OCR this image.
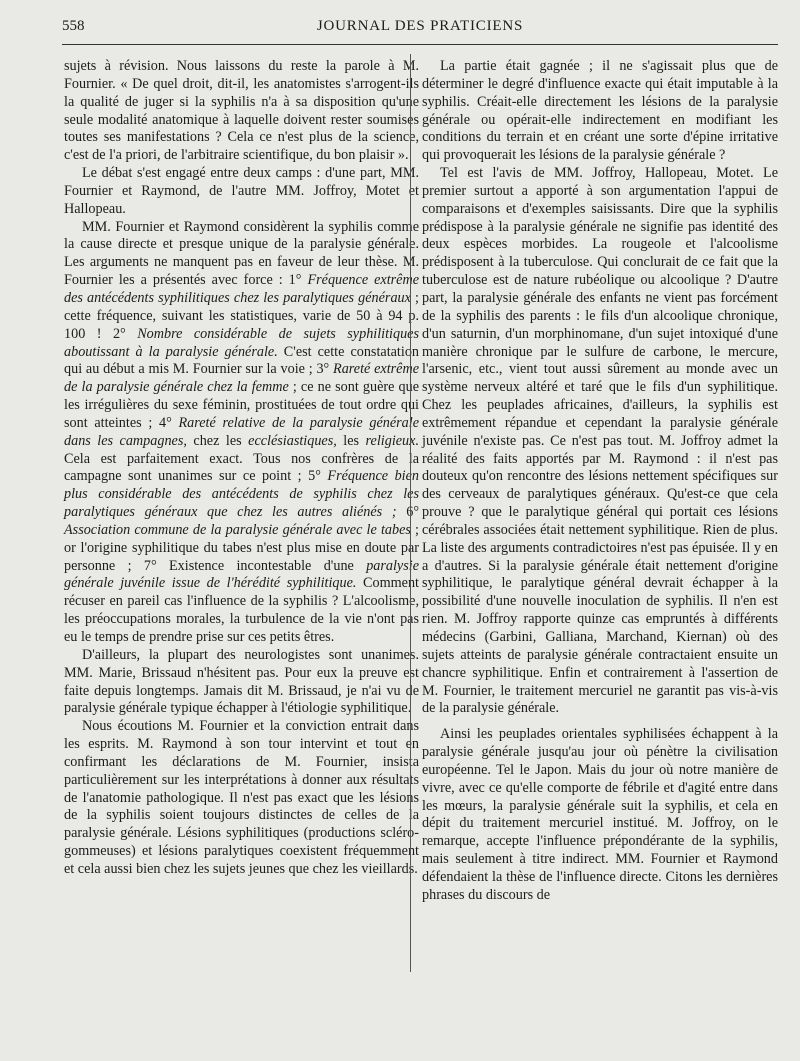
558	JOURNAL DES PRATICIENS

sujets à révision. Nous laissons du reste la parole à M. Fournier. « De quel droit, dit-il, les anatomistes s'arrogent-ils la qualité de juger si la syphilis n'a à sa disposition qu'une seule modalité anatomique à laquelle doivent rester soumises toutes ses manifestations ? Cela ce n'est plus de la science, c'est de l'a priori, de l'arbitraire scientifique, du bon plaisir ».

Le débat s'est engagé entre deux camps : d'une part, MM. Fournier et Raymond, de l'autre MM. Joffroy, Motet et Hallopeau.

MM. Fournier et Raymond considèrent la syphilis comme la cause directe et presque unique de la paralysie générale. Les arguments ne manquent pas en faveur de leur thèse. M. Fournier les a présentés avec force : 1° Fréquence extrême des antécédents syphilitiques chez les paralytiques généraux ; cette fréquence, suivant les statistiques, varie de 50 à 94 p. 100 ! 2° Nombre considérable de sujets syphilitiques aboutissant à la paralysie générale. C'est cette constatation qui au début a mis M. Fournier sur la voie ; 3° Rareté extrême de la paralysie générale chez la femme ; ce ne sont guère que les irrégulières du sexe féminin, prostituées de tout ordre qui sont atteintes ; 4° Rareté relative de la paralysie générale dans les campagnes, chez les ecclésiastiques, les religieux. Cela est parfaitement exact. Tous nos confrères de la campagne sont unanimes sur ce point ; 5° Fréquence bien plus considérable des antécédents de syphilis chez les paralytiques généraux que chez les autres aliénés ; 6° Association commune de la paralysie générale avec le tabes ; or l'origine syphilitique du tabes n'est plus mise en doute par personne ; 7° Existence incontestable d'une paralysie générale juvénile issue de l'hérédité syphilitique. Comment récuser en pareil cas l'influence de la syphilis ? L'alcoolisme, les préoccupations morales, la turbulence de la vie n'ont pas eu le temps de prendre prise sur ces petits êtres.

D'ailleurs, la plupart des neurologistes sont unanimes. MM. Marie, Brissaud n'hésitent pas. Pour eux la preuve est faite depuis longtemps. Jamais dit M. Brissaud, je n'ai vu de paralysie générale typique échapper à l'étiologie syphilitique.

Nous écoutions M. Fournier et la conviction entrait dans les esprits. M. Raymond à son tour intervint et tout en confirmant les déclarations de M. Fournier, insista particulièrement sur les interprétations à donner aux résultats de l'anatomie pathologique. Il n'est pas exact que les lésions de la syphilis soient toujours distinctes de celles de la paralysie générale. Lésions syphilitiques (productions scléro-gommeuses) et lésions paralytiques coexistent fréquemment et cela aussi bien chez les sujets jeunes que chez les vieillards.

La partie était gagnée ; il ne s'agissait plus que de déterminer le degré d'influence exacte qui était imputable à la syphilis. Créait-elle directement les lésions de la paralysie générale ou opérait-elle indirectement en modifiant les conditions du terrain et en créant une sorte d'épine irritative qui provoquerait les lésions de la paralysie générale ?

Tel est l'avis de MM. Joffroy, Hallopeau, Motet. Le premier surtout a apporté à son argumentation l'appui de comparaisons et d'exemples saisissants. Dire que la syphilis prédispose à la paralysie générale ne signifie pas identité des deux espèces morbides. La rougeole et l'alcoolisme prédisposent à la tuberculose. Qui conclurait de ce fait que la tuberculose est de nature rubéolique ou alcoolique ? D'autre part, la paralysie générale des enfants ne vient pas forcément de la syphilis des parents : le fils d'un alcoolique chronique, d'un saturnin, d'un morphinomane, d'un sujet intoxiqué d'une manière chronique par le sulfure de carbone, le mercure, l'arsenic, etc., vient tout aussi sûrement au monde avec un système nerveux altéré et taré que le fils d'un syphilitique. Chez les peuplades africaines, d'ailleurs, la syphilis est extrêmement répandue et cependant la paralysie générale juvénile n'existe pas. Ce n'est pas tout. M. Joffroy admet la réalité des faits apportés par M. Raymond : il n'est pas douteux qu'on rencontre des lésions nettement spécifiques sur des cerveaux de paralytiques généraux. Qu'est-ce que cela prouve ? que le paralytique général qui portait ces lésions cérébrales associées était nettement syphilitique. Rien de plus. La liste des arguments contradictoires n'est pas épuisée. Il y en a d'autres. Si la paralysie générale était nettement d'origine syphilitique, le paralytique général devrait échapper à la possibilité d'une nouvelle inoculation de syphilis. Il n'en est rien. M. Joffroy rapporte quinze cas empruntés à différents médecins (Garbini, Galliana, Marchand, Kiernan) où des sujets atteints de paralysie générale contractaient ensuite un chancre syphilitique. Enfin et contrairement à l'assertion de M. Fournier, le traitement mercuriel ne garantit pas vis-à-vis de la paralysie générale.

Ainsi les peuplades orientales syphilisées échappent à la paralysie générale jusqu'au jour où pénètre la civilisation européenne. Tel le Japon. Mais du jour où notre manière de vivre, avec ce qu'elle comporte de fébrile et d'agité entre dans les mœurs, la paralysie générale suit la syphilis, et cela en dépit du traitement mercuriel institué. M. Joffroy, on le remarque, accepte l'influence prépondérante de la syphilis, mais seulement à titre indirect. MM. Fournier et Raymond défendaient la thèse de l'influence directe. Citons les dernières phrases du discours de
